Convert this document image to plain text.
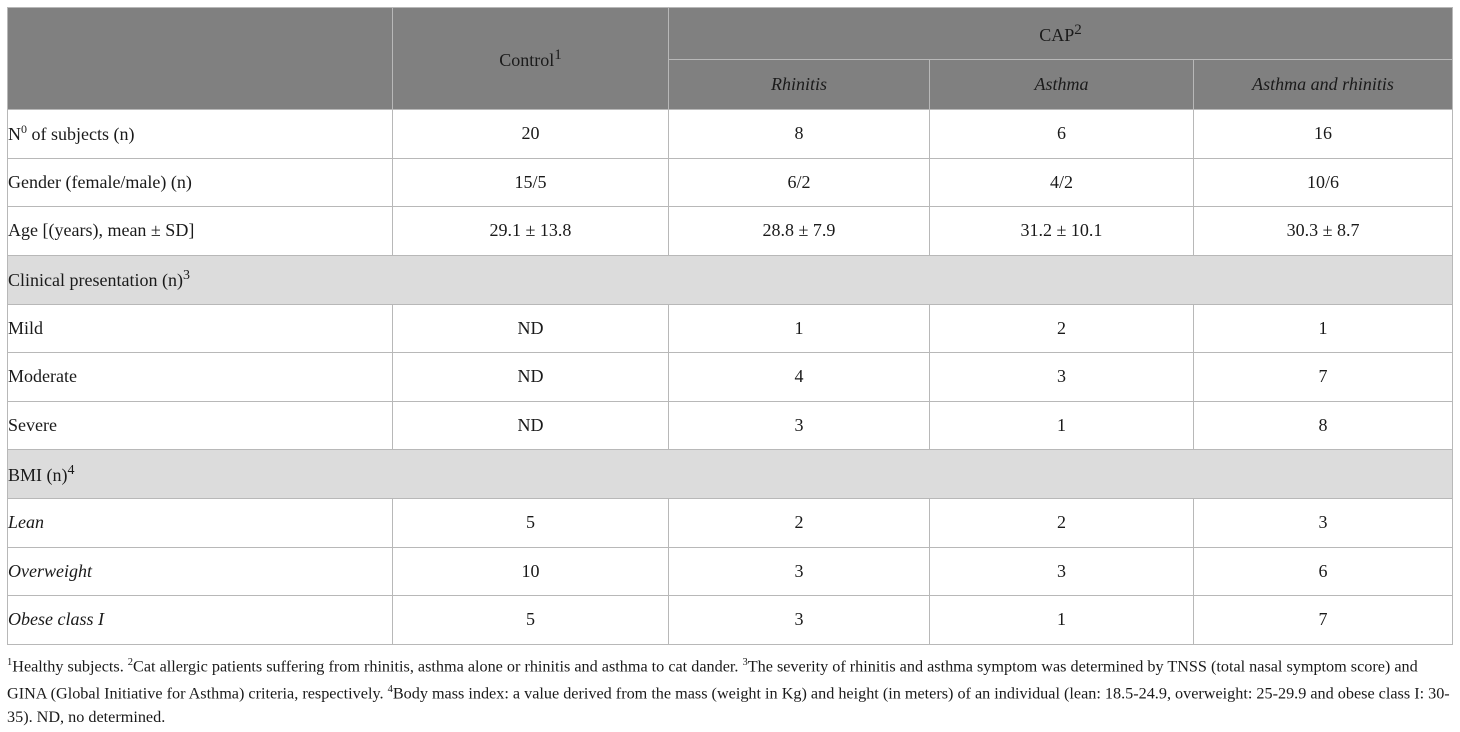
	Control$^1$	CAP$^2$
		Rhinitis	Asthma	Asthma and rhinitis
$N^0$ of subjects (n)	20	8	6	16
Gender (female/male) (n)	15/5	6/2	4/2	10/6
Age [(years), mean ± SD]	29.1 ± 13.8	28.8 ± 7.9	31.2 ± 10.1	30.3 ± 8.7
Clinical presentation $(n)^3$
Mild	ND	1	2	1
Moderate	ND	4	3	7
Severe	ND	3	1	8
BMI $(n)^4$
Lean	5	2	2	3
Overweight	10	3	3	6
Obese class I	5	3	1	7
$^1$Healthy subjects. $^2$Cat allergic patients suffering from rhinitis, asthma alone or rhinitis and asthma to cat dander. $^3$The severity of rhinitis and asthma symptom was determined by TNSS (total nasal symptom score) and GINA (Global Initiative for Asthma) criteria, respectively. $^4$Body mass index: a value derived from the mass (weight in Kg) and height (in meters) of an individual (lean: 18.5-24.9, overweight: 25-29.9 and obese class I: 30-35). ND, no determined.
